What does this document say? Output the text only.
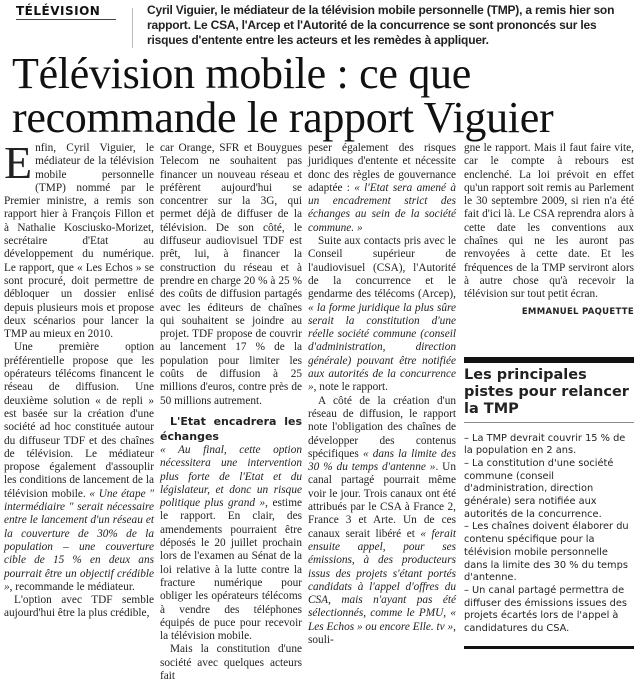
TÉLÉVISION	Cyril Viguier, le médiateur de la télévision mobile personnelle (TMP), a remis hier son rapport. Le CSA, l'Arcep et l'Autorité de la concurrence se sont prononcés sur les risques d'entente entre les acteurs et les remèdes à appliquer.
Télévision mobile : ce que recommande le rapport Viguier

Enfin, Cyril Viguier, le médiateur de la télévision mobile personnelle (TMP) nommé par le Premier ministre, a remis son rapport hier à François Fillon et à Nathalie Kosciusko-Morizet, secrétaire d'Etat au développement du numérique. Le rapport, que « Les Echos » se sont procuré, doit permettre de débloquer un dossier enlisé depuis plusieurs mois et propose deux scénarios pour lancer la TMP au mieux en 2010.

Une première option préférentielle propose que les opérateurs télécoms financent le réseau de diffusion. Une deuxième solution « de repli » est basée sur la création d'une société ad hoc constituée autour du diffuseur TDF et des chaînes de télévision. Le médiateur propose également d'assouplir les conditions de lancement de la télévision mobile. « Une étape " intermédiaire " serait nécessaire entre le lancement d'un réseau et la couverture de 30% de la population – une couverture cible de 15 % en deux ans pourrait être un objectif crédible », recommande le médiateur.

L'option avec TDF semble aujourd'hui être la plus crédible,

car Orange, SFR et Bouygues Telecom ne souhaitent pas financer un nouveau réseau et préfèrent aujourd'hui se concentrer sur la 3G, qui permet déjà de diffuser de la télévision. De son côté, le diffuseur audiovisuel TDF est prêt, lui, à financer la construction du réseau et à prendre en charge 20 % à 25 % des coûts de diffusion partagés avec les éditeurs de chaînes qui souhaitent se joindre au projet. TDF propose de couvrir au lancement 17 % de la population pour limiter les coûts de diffusion à 25 millions d'euros, contre près de 50 millions autrement.

L'Etat encadrera les échanges

« Au final, cette option nécessitera une intervention plus forte de l'Etat et du législateur, et donc un risque politique plus grand », estime le rapport. En clair, des amendements pourraient être déposés le 20 juillet prochain lors de l'examen au Sénat de la loi relative à la lutte contre la fracture numérique pour obliger les opérateurs télécoms à vendre des téléphones équipés de puce pour recevoir la télévision mobile.

Mais la constitution d'une société avec quelques acteurs fait

peser également des risques juridiques d'entente et nécessite donc des règles de gouvernance adaptée : « l'Etat sera amené à un encadrement strict des échanges au sein de la société commune. »

Suite aux contacts pris avec le Conseil supérieur de l'audiovisuel (CSA), l'Autorité de la concurrence et le gendarme des télécoms (Arcep), « la forme juridique la plus sûre serait la constitution d'une réelle société commune (conseil d'administration, direction générale) pouvant être notifiée aux autorités de la concurrence », note le rapport.

A côté de la création d'un réseau de diffusion, le rapport note l'obligation des chaînes de développer des contenus spécifiques « dans la limite des 30 % du temps d'antenne ». Un canal partagé pourrait même voir le jour. Trois canaux ont été attribués par le CSA à France 2, France 3 et Arte. Un de ces canaux serait libéré et « ferait ensuite appel, pour ses émissions, à des producteurs issus des projets s'étant portés candidats à l'appel d'offres du CSA, mais n'ayant pas été sélectionnés, comme le PMU, « Les Echos » ou encore Elle. tv », souli-

gne le rapport. Mais il faut faire vite, car le compte à rebours est enclenché. La loi prévoit en effet qu'un rapport soit remis au Parlement le 30 septembre 2009, si rien n'a été fait d'ici là. Le CSA reprendra alors à cette date les conventions aux chaînes qui ne les auront pas renvoyées à cette date. Et les fréquences de la TMP serviront alors à autre chose qu'à recevoir la télévision sur tout petit écran.

EMMANUEL PAQUETTE
Les principales pistes pour relancer la TMP
– La TMP devrait couvrir 15 % de la population en 2 ans.
– La constitution d'une société commune (conseil d'administration, direction générale) sera notifiée aux autorités de la concurrence.
– Les chaînes doivent élaborer du contenu spécifique pour la télévision mobile personnelle dans la limite des 30 % du temps d'antenne.
– Un canal partagé permettra de diffuser des émissions issues des projets écartés lors de l'appel à candidatures du CSA.
